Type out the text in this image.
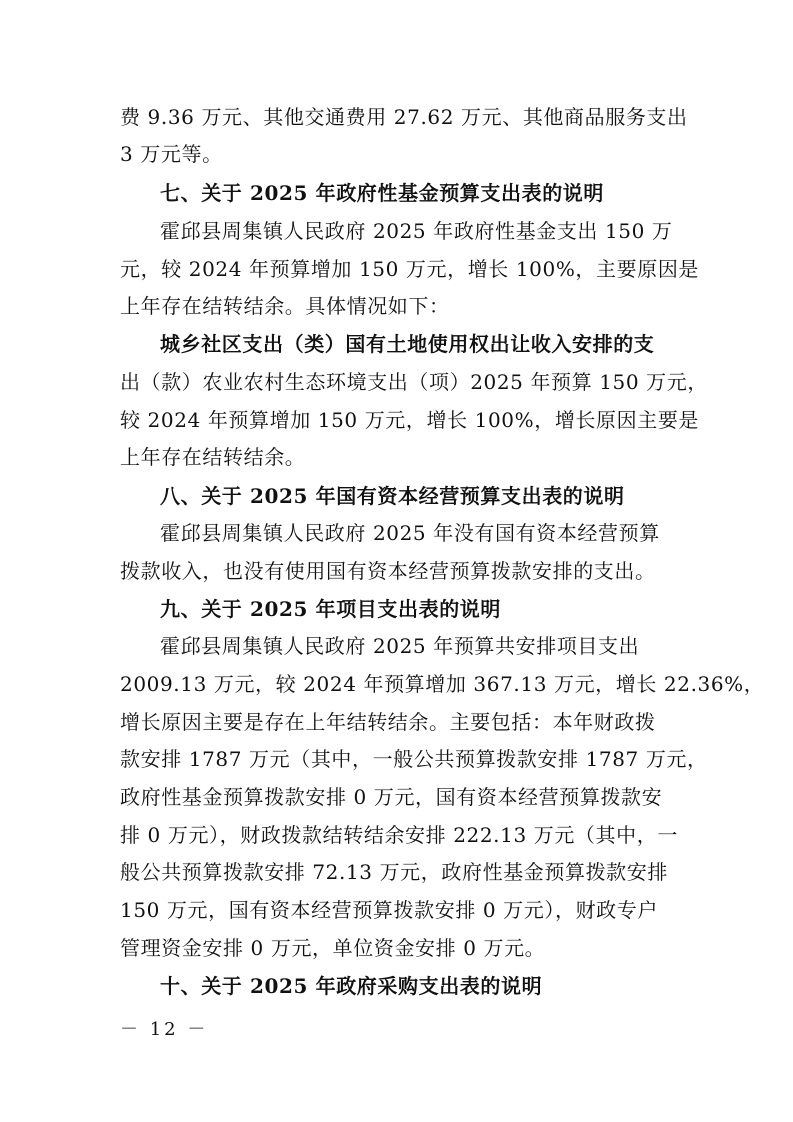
费 9.36 万元、其他交通费用 27.62 万元、其他商品服务支出
3 万元等。
七、关于 2025 年政府性基金预算支出表的说明
霍邱县周集镇人民政府 2025 年政府性基金支出 150 万
元，较 2024 年预算增加 150 万元，增长 100%，主要原因是
上年存在结转结余。具体情况如下：
城乡社区支出（类）国有土地使用权出让收入安排的支
出（款）农业农村生态环境支出（项）2025 年预算 150 万元，
较 2024 年预算增加 150 万元，增长 100%，增长原因主要是
上年存在结转结余。
八、关于 2025 年国有资本经营预算支出表的说明
霍邱县周集镇人民政府 2025 年没有国有资本经营预算
拨款收入，也没有使用国有资本经营预算拨款安排的支出。
九、关于 2025 年项目支出表的说明
霍邱县周集镇人民政府 2025 年预算共安排项目支出
2009.13 万元，较 2024 年预算增加 367.13 万元，增长 22.36%，
增长原因主要是存在上年结转结余。主要包括：本年财政拨
款安排 1787 万元（其中，一般公共预算拨款安排 1787 万元，
政府性基金预算拨款安排 0 万元，国有资本经营预算拨款安
排 0 万元），财政拨款结转结余安排 222.13 万元（其中，一
般公共预算拨款安排 72.13 万元，政府性基金预算拨款安排
150 万元，国有资本经营预算拨款安排 0 万元），财政专户
管理资金安排 0 万元，单位资金安排 0 万元。
十、关于 2025 年政府采购支出表的说明
－ 12 －
